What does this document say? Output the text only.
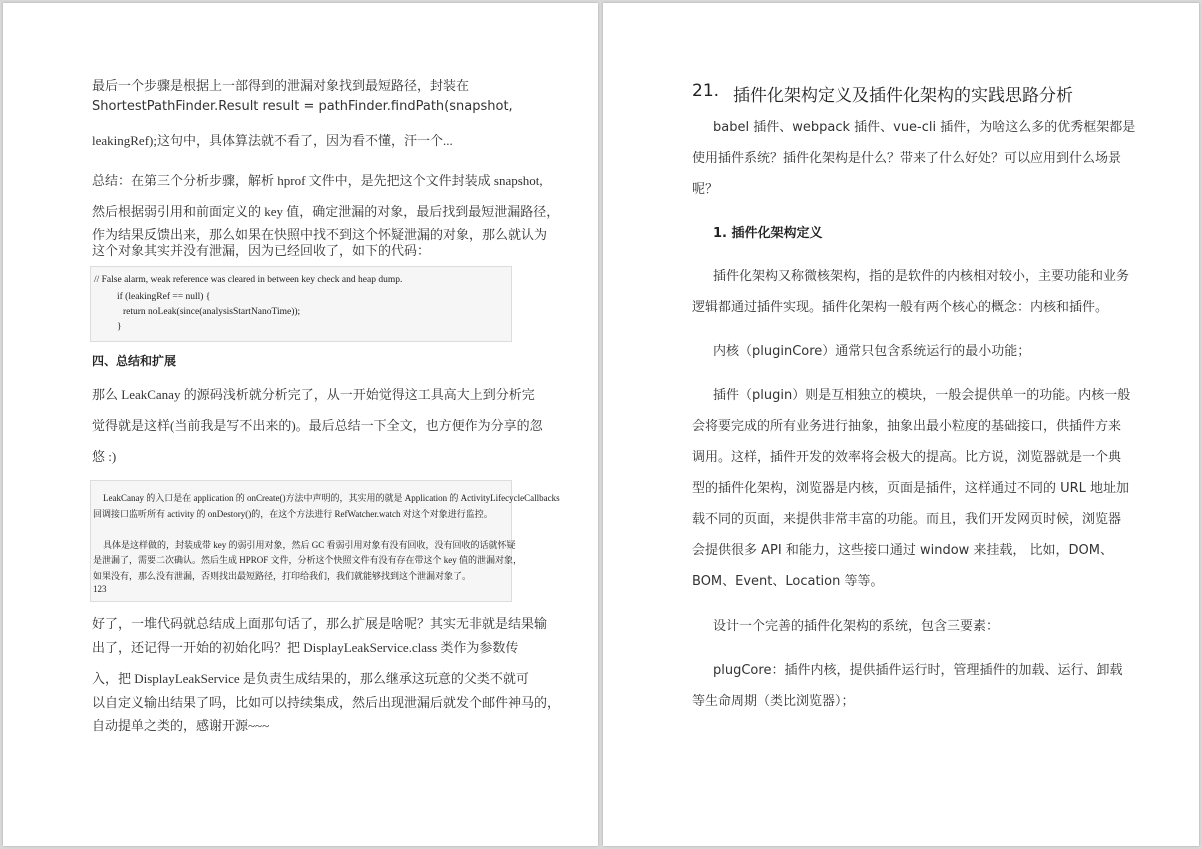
最后一个步骤是根据上一部得到的泄漏对象找到最短路径，封装在
ShortestPathFinder.Result result = pathFinder.findPath(snapshot,
leakingRef);这句中，具体算法就不看了，因为看不懂，汗一个...
总结：在第三个分析步骤，解析 hprof 文件中，是先把这个文件封装成 snapshot,
然后根据弱引用和前面定义的 key 值，确定泄漏的对象，最后找到最短泄漏路径，
作为结果反馈出来，那么如果在快照中找不到这个怀疑泄漏的对象，那么就认为
这个对象其实并没有泄漏，因为已经回收了，如下的代码：
// False alarm, weak reference was cleared in between key check and heap dump.
if (leakingRef == null) {
return noLeak(since(analysisStartNanoTime));
}​​​
四、总结和扩展
那么 LeakCanay 的源码浅析就分析完了，从一开始觉得这工具高大上到分析完
觉得就是这样(当前我是写不出来的)。最后总结一下全文，也方便作为分享的忽
悠 :)
LeakCanay 的入口是在 application 的 onCreate()方法中声明的，其实用的就是 Application 的 ActivityLifecycleCallbacks
回调接口监听所有 activity 的 onDestory()的，在这个方法进行 RefWatcher.watch 对这个对象进行监控。
具体是这样做的，封装成带 key 的弱引用对象，然后 GC 看弱引用对象有没有回收，没有回收的话就怀疑
是泄漏了，需要二次确认。然后生成 HPROF 文件，分析这个快照文件有没有存在带这个 key 值的泄漏对象，
如果没有，那么没有泄漏，否则找出最短路径，打印给我们，我们就能够找到这个泄漏对象了。
123
好了，一堆代码就总结成上面那句话了，那么扩展是啥呢？其实无非就是结果输
出了，还记得一开始的初始化吗？把 DisplayLeakService.class 类作为参数传
入，把 DisplayLeakService 是负责生成结果的，那么继承这玩意的父类不就可
以自定义输出结果了吗，比如可以持续集成，然后出现泄漏后就发个邮件神马的，
自动提单之类的，感谢开源~~~
21. 插件化架构定义及插件化架构的实践思路分析
babel 插件、webpack 插件、vue-cli 插件，为啥这么多的优秀框架都是
使用插件系统？插件化架构是什么？带来了什么好处？可以应用到什么场景
呢？
1. 插件化架构定义
插件化架构又称微核架构，指的是软件的内核相对较小，主要功能和业务
逻辑都通过插件实现。插件化架构一般有两个核心的概念：内核和插件。
内核（pluginCore）通常只包含系统运行的最小功能；
插件（plugin）则是互相独立的模块，一般会提供单一的功能。内核一般
会将要完成的所有业务进行抽象，抽象出最小粒度的基础接口，供插件方来
调用。这样，插件开发的效率将会极大的提高。比方说，浏览器就是一个典
型的插件化架构，浏览器是内核，页面是插件，这样通过不同的 URL 地址加
载不同的页面，来提供非常丰富的功能。而且，我们开发网页时候，浏览器
会提供很多 API 和能力，这些接口通过 window 来挂载， 比如，DOM、
BOM、Event、Location 等等。
设计一个完善的插件化架构的系统，包含三要素：
plugCore：插件内核，提供插件运行时，管理插件的加载、运行、卸载
等生命周期（类比浏览器）；
